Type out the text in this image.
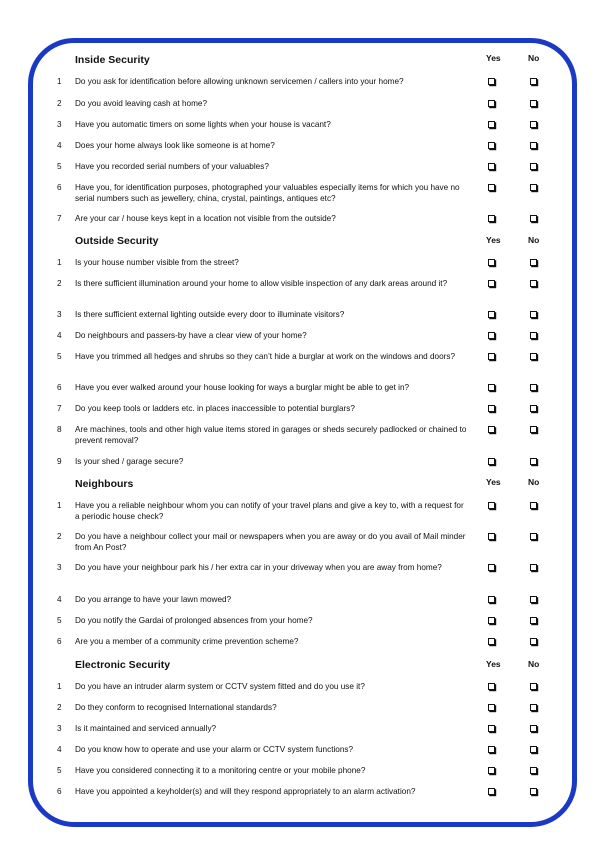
Inside Security	Yes	No
1	Do you ask for identification before allowing unknown servicemen / callers into your home?
2	Do you avoid leaving cash at home?
3	Have you automatic timers on some lights when your house is vacant?
4	Does your home always look like someone is at home?
5	Have you recorded serial numbers of your valuables?
6	Have you, for identification purposes, photographed your valuables especially items for which you have no serial numbers such as jewellery, china, crystal, paintings, antiques etc?
7	Are your car / house keys kept in a location not visible from the outside?
Outside Security	Yes	No
1	Is your house number visible from the street?
2	Is there sufficient illumination around your home to allow visible inspection of any dark areas around it?
3	Is there sufficient external lighting outside every door to illuminate visitors?
4	Do neighbours and passers-by have a clear view of your home?
5	Have you trimmed all hedges and shrubs so they can’t hide a burglar at work on the windows and doors?
6	Have you ever walked around your house looking for ways a burglar might be able to get in?
7	Do you keep tools or ladders etc. in places inaccessible to potential burglars?
8	Are machines, tools and other high value items stored in garages or sheds securely padlocked or chained to prevent removal?
9	Is your shed / garage secure?
Neighbours	Yes	No
1	Have you a reliable neighbour whom you can notify of your travel plans and give a key to, with a request for a periodic house check?
2	Do you have a neighbour collect your mail or newspapers when you are away or do you avail of Mail minder from An Post?
3	Do you have your neighbour park his / her extra car in your driveway when you are away from home?
4	Do you arrange to have your lawn mowed?
5	Do you notify the Gardai of prolonged absences from your home?
6	Are you a member of a community crime prevention scheme?
Electronic Security	Yes	No
1	Do you have an intruder alarm system or CCTV system fitted and do you use it?
2	Do they conform to recognised International standards?
3	Is it maintained and serviced annually?
4	Do you know how to operate and use your alarm or CCTV system functions?
5	Have you considered connecting it to a monitoring centre or your mobile phone?
6	Have you appointed a keyholder(s) and will they respond appropriately to an alarm activation?
